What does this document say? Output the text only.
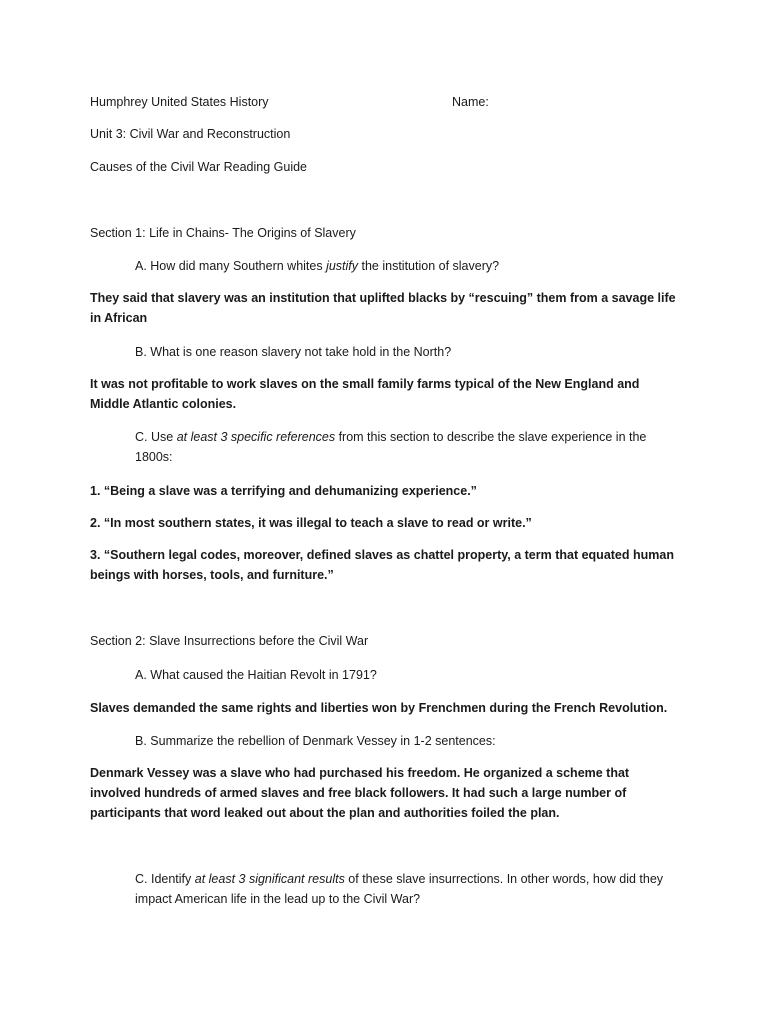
Humphrey United States History	Name:
Unit 3: Civil War and Reconstruction
Causes of the Civil War Reading Guide
Section 1: Life in Chains- The Origins of Slavery
A. How did many Southern whites justify the institution of slavery?
They said that slavery was an institution that uplifted blacks by “rescuing” them from a savage life in African
B. What is one reason slavery not take hold in the North?
It was not profitable to work slaves on the small family farms typical of the New England and Middle Atlantic colonies.
C. Use at least 3 specific references from this section to describe the slave experience in the 1800s:
1. “Being a slave was a terrifying and dehumanizing experience.”
2. “In most southern states, it was illegal to teach a slave to read or write.”
3. “Southern legal codes, moreover, defined slaves as chattel property, a term that equated human beings with horses, tools, and furniture.”
Section 2: Slave Insurrections before the Civil War
A. What caused the Haitian Revolt in 1791?
Slaves demanded the same rights and liberties won by Frenchmen during the French Revolution.
B. Summarize the rebellion of Denmark Vessey in 1-2 sentences:
Denmark Vessey was a slave who had purchased his freedom. He organized a scheme that involved hundreds of armed slaves and free black followers. It had such a large number of participants that word leaked out about the plan and authorities foiled the plan.
C. Identify at least 3 significant results of these slave insurrections. In other words, how did they impact American life in the lead up to the Civil War?
